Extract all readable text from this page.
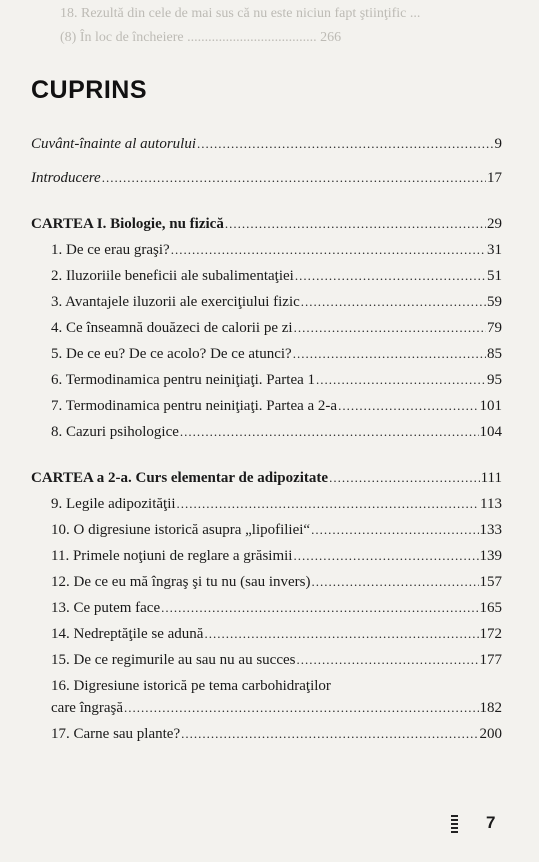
18. Rezultă din cele de mai sus că nu este niciun fapt ştiinţific ...
(8) În loc de încheiere ..................................... 266
CUPRINS
Cuvânt-înainte al autorului .....	9
Introducere .....	17
CARTEA I. Biologie, nu fizică .....	29
1. De ce erau graşi? .....	31
2. Iluzoriile beneficii ale subalimentaţiei .....	51
3. Avantajele iluzorii ale exerciţiului fizic .....	59
4. Ce înseamnă douăzeci de calorii pe zi .....	79
5. De ce eu? De ce acolo? De ce atunci? .....	85
6. Termodinamica pentru neiniţiaţi. Partea 1 .....	95
7. Termodinamica pentru neiniţiaţi. Partea a 2-a .....	101
8. Cazuri psihologice .....	104
CARTEA a 2-a. Curs elementar de adipozitate .....	111
9. Legile adipozităţii .....	113
10. O digresiune istorică asupra „lipofiliei“ .....	133
11. Primele noţiuni de reglare a grăsimii .....	139
12. De ce eu mă îngraş şi tu nu (sau invers) .....	157
13. Ce putem face .....	165
14. Nedreptăţile se adună .....	172
15. De ce regimurile au sau nu au succes .....	177
16. Digresiune istorică pe tema carbohidraţilor
care îngraşă .....	182
17. Carne sau plante? .....	200
7
